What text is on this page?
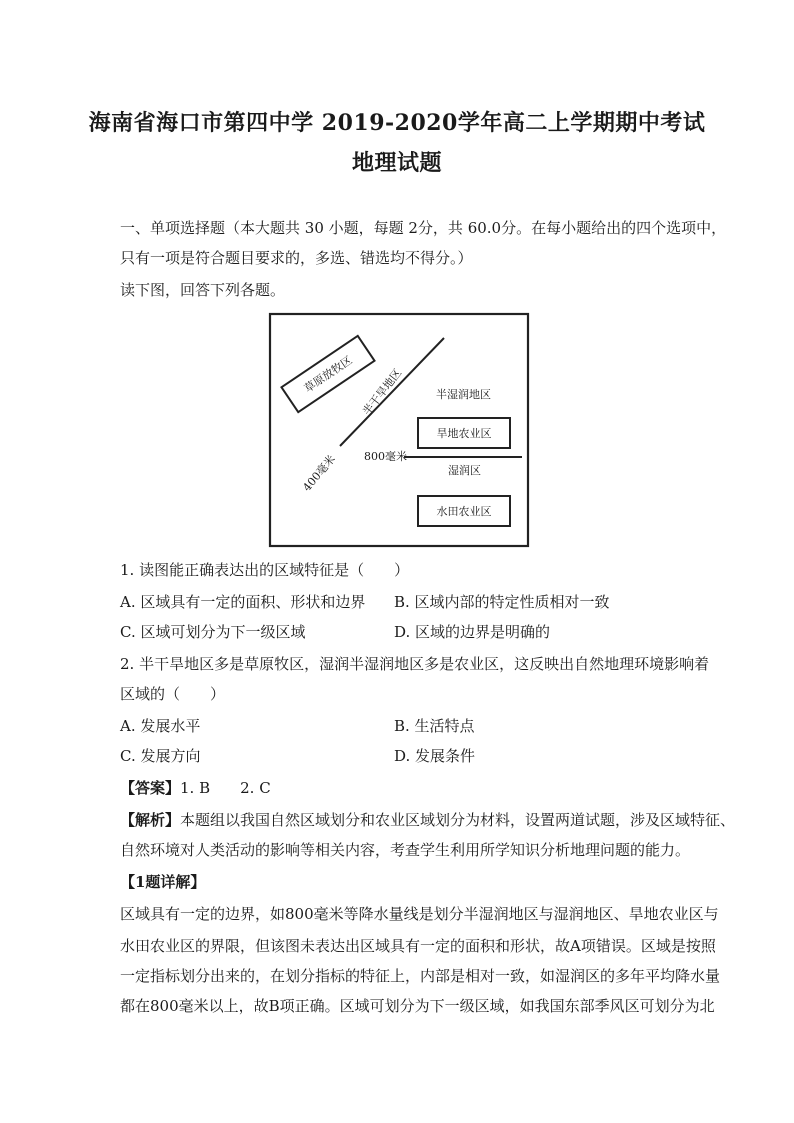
海南省海口市第四中学 2019-2020学年高二上学期期中考试
地理试题
一、单项选择题（本大题共 30 小题，每题 2分，共 60.0分。在每小题给出的四个选项中，
只有一项是符合题目要求的，多选、错选均不得分。）
读下图，回答下列各题。
草原放牧区 半干旱地区
400毫米
半湿润地区
旱地农业区
800毫米
湿润区
水田农业区
1. 读图能正确表达出的区域特征是（　　）
A. 区域具有一定的面积、形状和边界 B. 区域内部的特定性质相对一致
C. 区域可划分为下一级区域	D. 区域的边界是明确的
2. 半干旱地区多是草原牧区，湿润半湿润地区多是农业区，这反映出自然地理环境影响着
区域的（　　）
A. 发展水平	B. 生活特点
C. 发展方向	D. 发展条件
【答案】1. B　　2. C
【解析】本题组以我国自然区域划分和农业区域划分为材料，设置两道试题，涉及区域特征、
自然环境对人类活动的影响等相关内容，考查学生利用所学知识分析地理问题的能力。
【1题详解】
区域具有一定的边界，如800毫米等降水量线是划分半湿润地区与湿润地区、旱地农业区与
水田农业区的界限，但该图未表达出区域具有一定的面积和形状，故A项错误。区域是按照
一定指标划分出来的，在划分指标的特征上，内部是相对一致，如湿润区的多年平均降水量
都在800毫米以上，故B项正确。区域可划分为下一级区域，如我国东部季风区可划分为北
